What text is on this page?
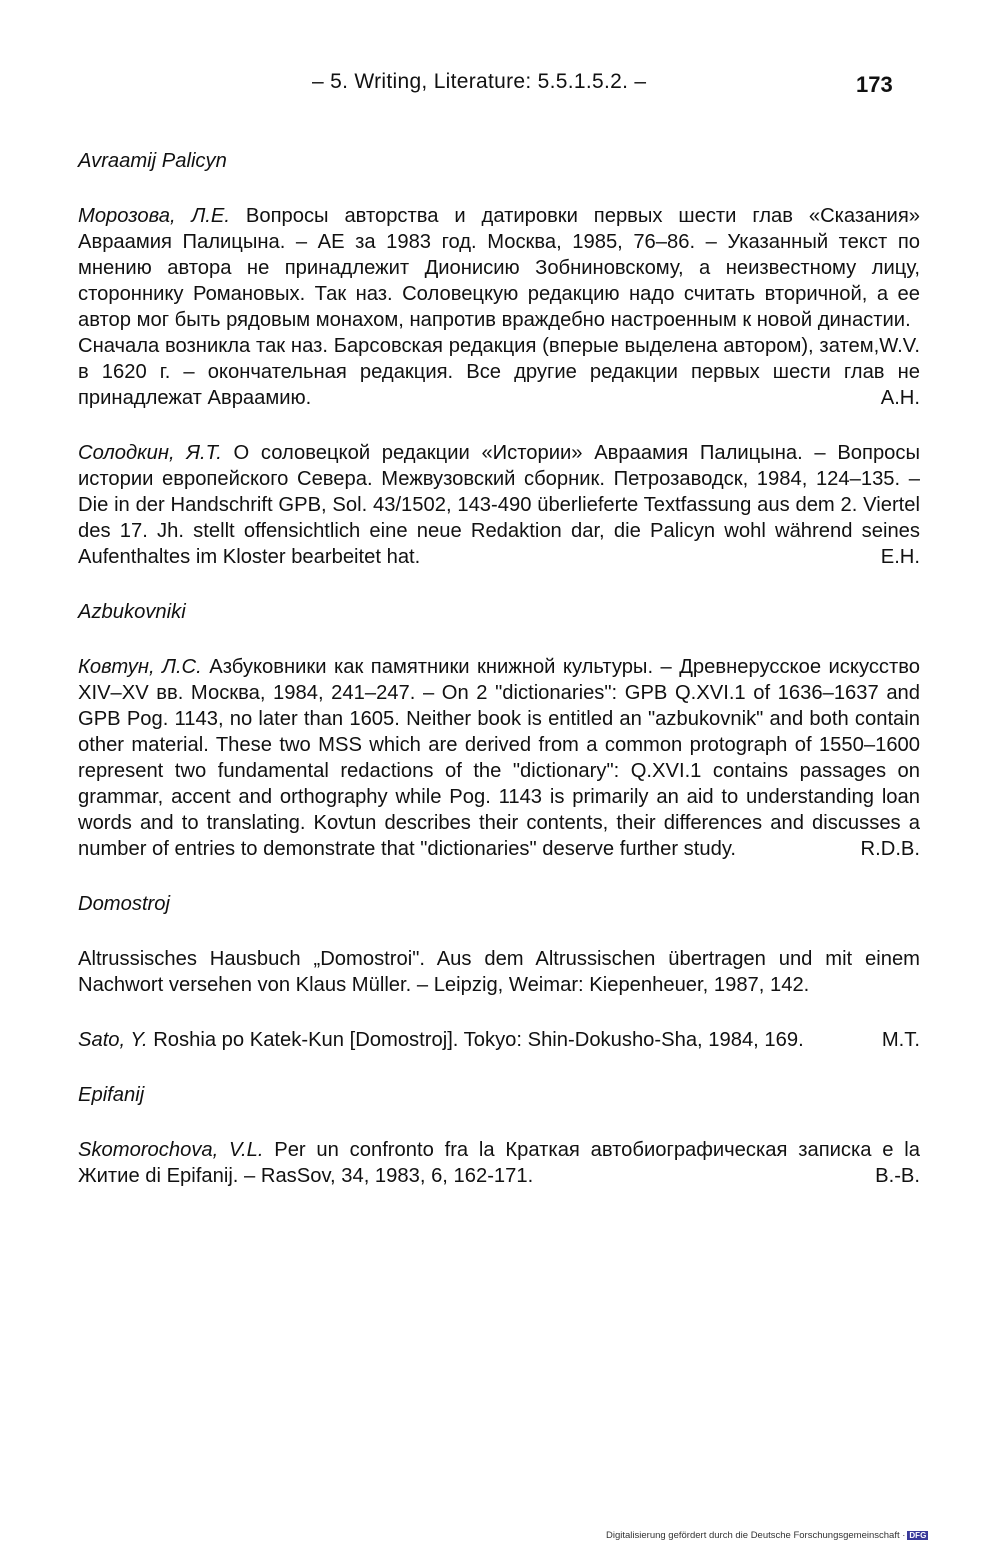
– 5. Writing, Literature: 5.5.1.5.2. –	173

Avraamij Palicyn

Морозова, Л.Е. Вопросы авторства и датировки первых шести глав «Сказания» Авраамия Палицына. – АЕ за 1983 год. Москва, 1985, 76–86. – Указанный текст по мнению автора не принадлежит Дионисию Зобниновскому, а неизвестному лицу, стороннику Романовых. Так наз. Соловецкую редакцию надо считать вторичной, а ее автор мог быть рядовым монахом, напротив враждебно настроенным к новой династии.
W.V.

Сначала возникла так наз. Барсовская редакция (вперые выделена автором), затем, в 1620 г. – окончательная редакция. Все другие редакции первых шести глав не принадлежат Авраамию.	A.H.

Солодкин, Я.Т. О соловецкой редакции «Истории» Авраамия Палицына. – Вопросы истории европейского Севера. Межвузовский сборник. Петрозаводск, 1984, 124–135. – Die in der Handschrift GPB, Sol. 43/1502, 143-490 überlieferte Textfassung aus dem 2. Viertel des 17. Jh. stellt offensichtlich eine neue Redaktion dar, die Palicyn wohl während seines Aufenthaltes im Kloster bearbeitet hat.	E.H.

Azbukovniki

Ковтун, Л.С. Азбуковники как памятники книжной культуры. – Древнерусское искусство XIV–XV вв. Москва, 1984, 241–247. – On 2 "dictionaries": GPB Q.XVI.1 of 1636–1637 and GPB Pog. 1143, no later than 1605. Neither book is entitled an "azbukovnik" and both contain other material. These two MSS which are derived from a common protograph of 1550–1600 represent two fundamental redactions of the "dictionary": Q.XVI.1 contains passages on grammar, accent and orthography while Pog. 1143 is primarily an aid to understanding loan words and to translating. Kovtun describes their contents, their differences and discusses a number of entries to demonstrate that "dictionaries" deserve further study.	R.D.B.

Domostroj

Altrussisches Hausbuch „Domostroi". Aus dem Altrussischen übertragen und mit einem Nachwort versehen von Klaus Müller. – Leipzig, Weimar: Kiepenheuer, 1987, 142.

Sato, Y. Roshia po Katek-Kun [Domostroj]. Tokyo: Shin-Dokusho-Sha, 1984, 169.	M.T.

Epifanij

Skomorochova, V.L. Per un confronto fra la Краткая автобиографическая записка e la Житие di Epifanij. – RasSov, 34, 1983, 6, 162-171.	B.-B.

Digitalisierung gefördert durch die Deutsche Forschungsgemeinschaft · DFG
